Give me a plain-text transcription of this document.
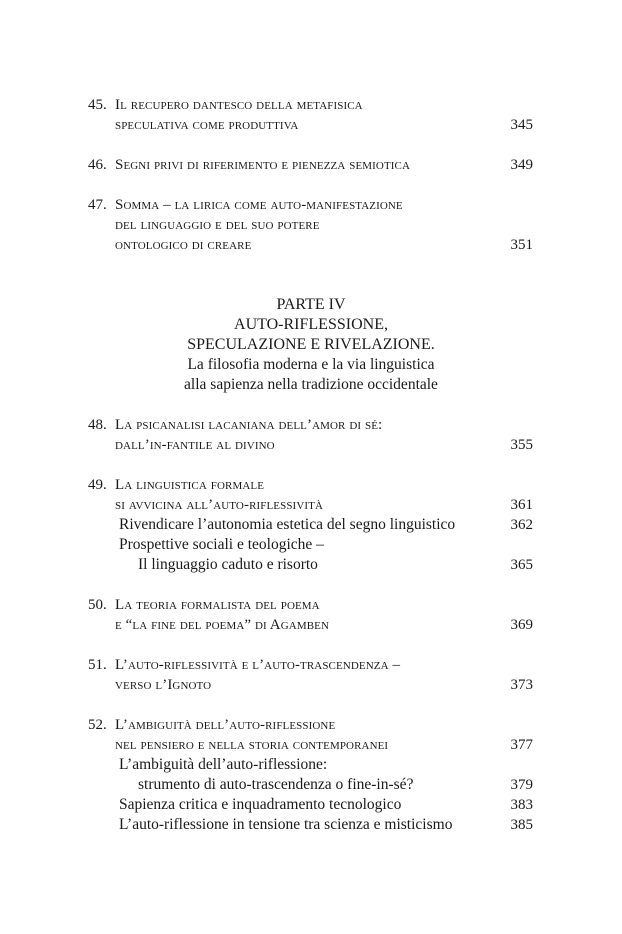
45. Il recupero dantesco della metafisica
speculativa come produttiva	345
46. Segni privi di riferimento e pienezza semiotica	349
47. Somma – la lirica come auto-manifestazione
del linguaggio e del suo potere
ontologico di creare	351
PARTE IV
AUTO-RIFLESSIONE,
SPECULAZIONE E RIVELAZIONE.
La filosofia moderna e la via linguistica
alla sapienza nella tradizione occidentale
48. La psicanalisi lacaniana dell’amor di sé:
dall’in-fantile al divino	355
49. La linguistica formale
si avvicina all’auto-riflessività	361
Rivendicare l’autonomia estetica del segno linguistico	362
Prospettive sociali e teologiche –
Il linguaggio caduto e risorto	365
50. La teoria formalista del poema
e “la fine del poema” di Agamben	369
51. L’auto-riflessività e l’auto-trascendenza –
verso l’Ignoto	373
52. L’ambiguità dell’auto-riflessione
nel pensiero e nella storia contemporanei	377
L’ambiguità dell’auto-riflessione:
strumento di auto-trascendenza o fine-in-sé?	379
Sapienza critica e inquadramento tecnologico	383
L’auto-riflessione in tensione tra scienza e misticismo	385
